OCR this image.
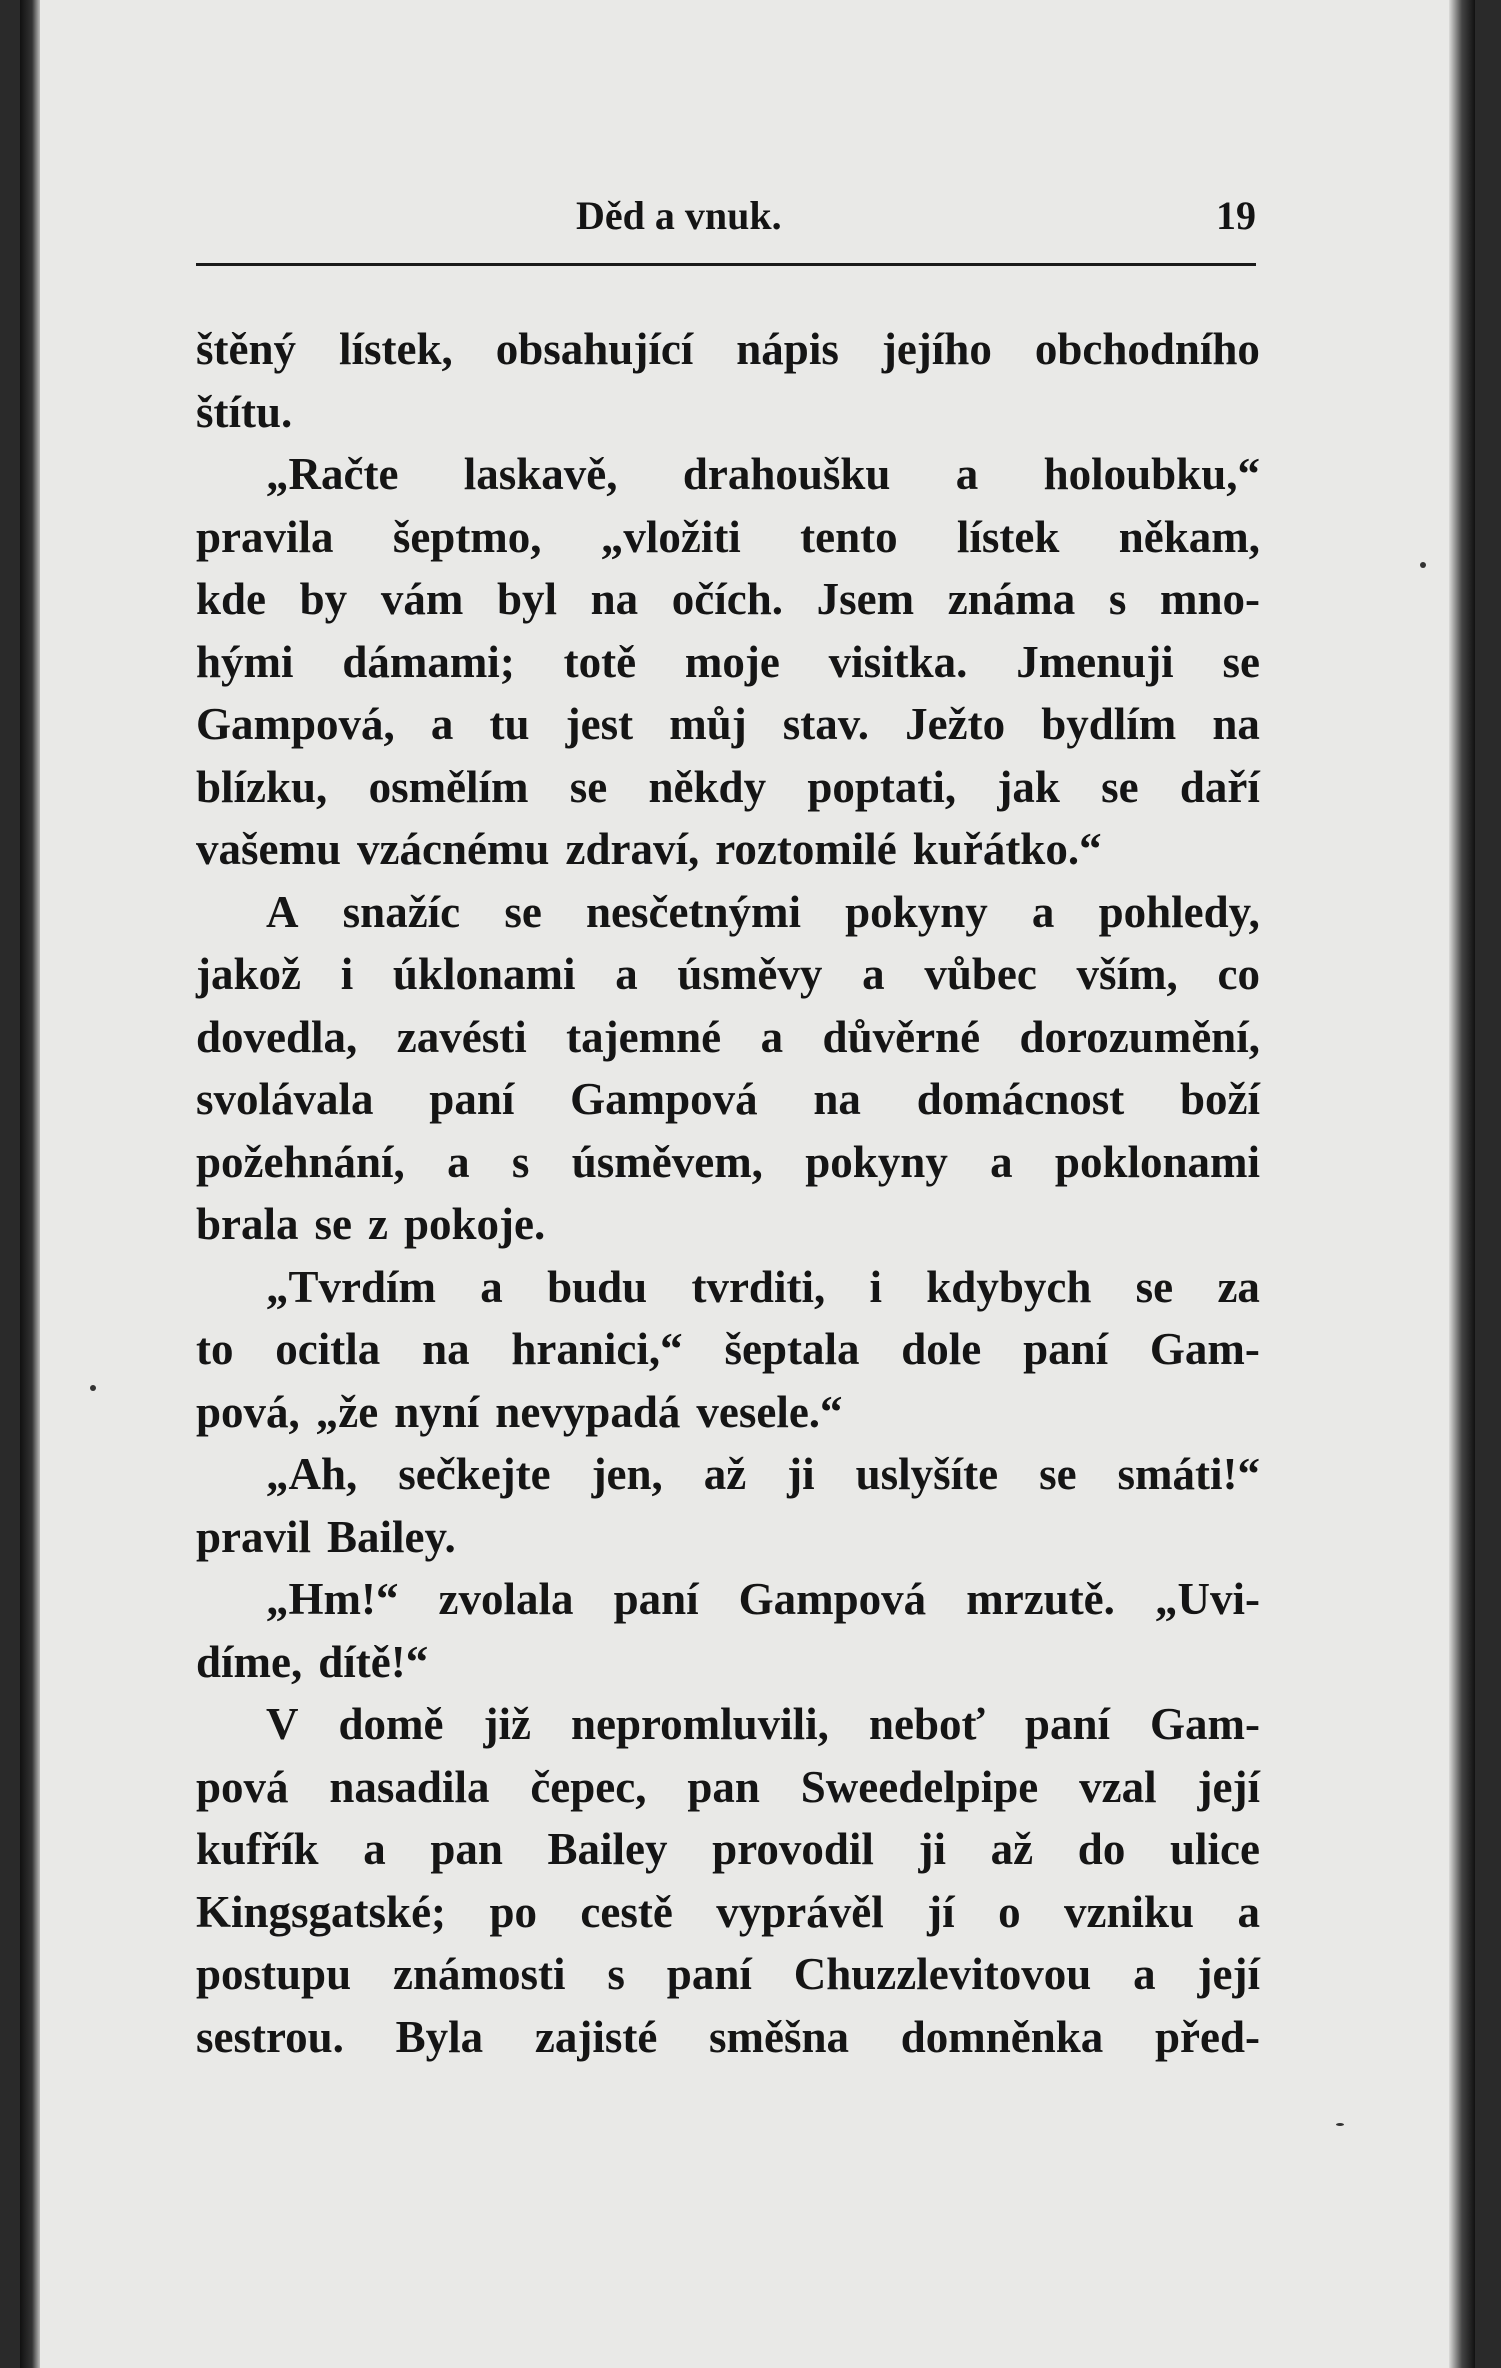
Děd a vnuk.	19
štěný lístek, obsahující nápis jejího obchodního
štítu.
„Račte laskavě, drahoušku a holoubku,“
pravila šeptmo, „vložiti tento lístek někam,
kde by vám byl na očích. Jsem známa s mno-
hými dámami; totě moje visitka. Jmenuji se
Gampová, a tu jest můj stav. Ježto bydlím na
blízku, osmělím se někdy poptati, jak se daří
vašemu vzácnému zdraví, roztomilé kuřátko.“
A snažíc se nesčetnými pokyny a pohledy,
jakož i úklonami a úsměvy a vůbec vším, co
dovedla, zavésti tajemné a důvěrné dorozumění,
svolávala paní Gampová na domácnost boží
požehnání, a s úsměvem, pokyny a poklonami
brala se z pokoje.
„Tvrdím a budu tvrditi, i kdybych se za
to ocitla na hranici,“ šeptala dole paní Gam-
pová, „že nyní nevypadá vesele.“
„Ah, sečkejte jen, až ji uslyšíte se smáti!“
pravil Bailey.
„Hm!“ zvolala paní Gampová mrzutě. „Uvi-
díme, dítě!“
V domě již nepromluvili, neboť paní Gam-
pová nasadila čepec, pan Sweedelpipe vzal její
kufřík a pan Bailey provodil ji až do ulice
Kingsgatské; po cestě vyprávěl jí o vzniku a
postupu známosti s paní Chuzzlevitovou a její
sestrou. Byla zajisté směšna domněnka před-
